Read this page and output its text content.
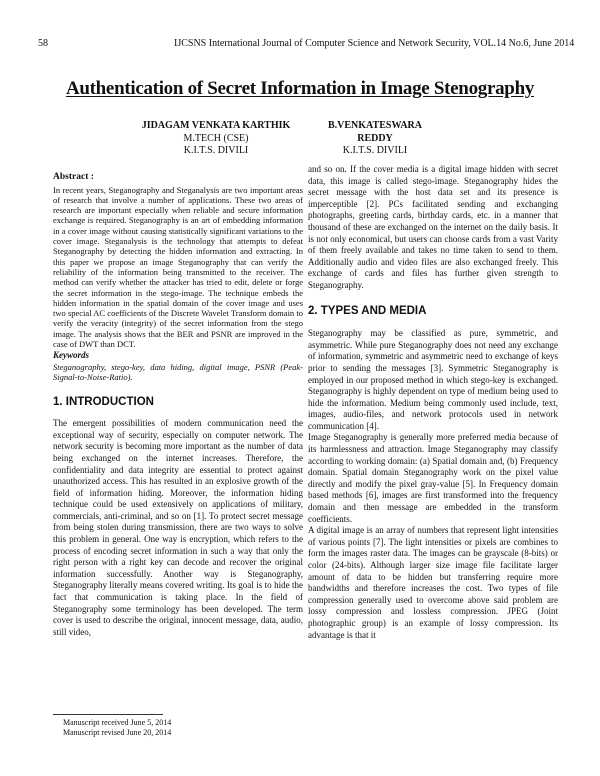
58	IJCSNS International Journal of Computer Science and Network Security, VOL.14 No.6, June 2014
Authentication of Secret Information in Image Stenography
JIDAGAM VENKATA KARTHIK
M.TECH (CSE)
K.I.T.S. DIVILI
B.VENKATESWARA REDDY
K.I.T.S. DIVILI
Abstract :

In recent years, Steganography and Steganalysis are two important areas of research that involve a number of applications. These two areas of research are important especially when reliable and secure information exchange is required. Steganography is an art of embedding information in a cover image without causing statistically significant variations to the cover image. Steganalysis is the technology that attempts to defeat Steganography by detecting the hidden information and extracting. In this paper we propose an image Steganography that can verify the reliability of the information being transmitted to the receiver. The method can verify whether the attacker has tried to edit, delete or forge the secret information in the stego-image. The technique embeds the hidden information in the spatial domain of the cover image and uses two special AC coefficients of the Discrete Wavelet Transform domain to verify the veracity (integrity) of the secret information from the stego image. The analysis shows that the BER and PSNR are improved in the case of DWT than DCT.

Keywords

Steganography, stego-key, data hiding, digital image, PSNR (Peak-Signal-to-Noise-Ratio).

1. INTRODUCTION

The emergent possibilities of modern communication need the exceptional way of security, especially on computer network. The network security is becoming more important as the number of data being exchanged on the internet increases. Therefore, the confidentiality and data integrity are essential to protect against unauthorized access. This has resulted in an explosive growth of the field of information hiding. Moreover, the information hiding technique could be used extensively on applications of military, commercials, anti-criminal, and so on [1]. To protect secret message from being stolen during transmission, there are two ways to solve this problem in general. One way is encryption, which refers to the process of encoding secret information in such a way that only the right person with a right key can decode and recover the original information successfully. Another way is Steganography, Steganography literally means covered writing. Its goal is to hide the fact that communication is taking place. In the field of Steganography some terminology has been developed. The term cover is used to describe the original, innocent message, data, audio, still video,

and so on. If the cover media is a digital image hidden with secret data, this image is called stego-image. Steganography hides the secret message with the host data set and its presence is imperceptible [2]. PCs facilitated sending and exchanging photographs, greeting cards, birthday cards, etc. in a manner that thousand of these are exchanged on the internet on the daily basis. It is not only economical, but users can choose cards from a vast Varity of them freely available and takes no time taken to send to them. Additionally audio and video files are also exchanged freely. This exchange of cards and files has further given strength to Steganography.

2. TYPES AND MEDIA

Steganography may be classified as pure, symmetric, and asymmetric. While pure Steganography does not need any exchange of information, symmetric and asymmetric need to exchange of keys prior to sending the messages [3]. Symmetric Steganography is employed in our proposed method in which stego-key is exchanged. Steganography is highly dependent on type of medium being used to hide the information. Medium being commonly used include, text, images, audio-files, and network protocols used in network communication [4].

Image Steganography is generally more preferred media because of its harmlessness and attraction. Image Steganography may classify according to working domain: (a) Spatial domain and, (b) Frequency domain. Spatial domain Steganography work on the pixel value directly and modify the pixel gray-value [5]. In Frequency domain based methods [6], images are first transformed into the frequency domain and then message are embedded in the transform coefficients.

A digital image is an array of numbers that represent light intensities of various points [7]. The light intensities or pixels are combines to form the images raster data. The images can be grayscale (8-bits) or color (24-bits). Although larger size image file facilitate larger amount of data to be hidden but transferring require more bandwidths and therefore increases the cost. Two types of file compression generally used to overcome above said problem are lossy compression and lossless compression. JPEG (Joint photographic group) is an example of lossy compression. Its advantage is that it

Manuscript received June 5, 2014
Manuscript revised June 20, 2014
